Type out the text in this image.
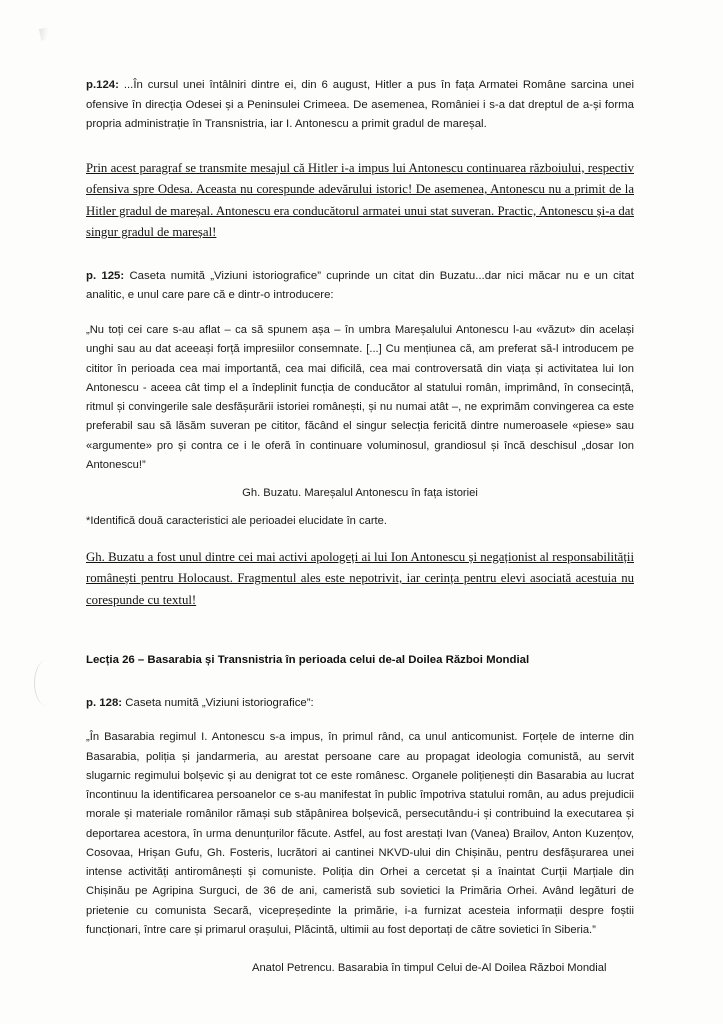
p.124: ...În cursul unei întâlniri dintre ei, din 6 august, Hitler a pus în fața Armatei Române sarcina unei ofensive în direcția Odesei și a Peninsulei Crimeea. De asemenea, României i s-a dat dreptul de a-și forma propria administrație în Transnistria, iar I. Antonescu a primit gradul de mareșal.

Prin acest paragraf se transmite mesajul că Hitler i-a impus lui Antonescu continuarea războiului, respectiv ofensiva spre Odesa. Aceasta nu corespunde adevărului istoric! De asemenea, Antonescu nu a primit de la Hitler gradul de mareșal. Antonescu era conducătorul armatei unui stat suveran. Practic, Antonescu și-a dat singur gradul de mareșal!

p. 125: Caseta numită „Viziuni istoriografice” cuprinde un citat din Buzatu...dar nici măcar nu e un citat analitic, e unul care pare că e dintr-o introducere:

„Nu toți cei care s-au aflat – ca să spunem așa – în umbra Mareșalului Antonescu l-au «văzut» din același unghi sau au dat aceeași forță impresiilor consemnate. [...] Cu mențiunea că, am preferat să-l introducem pe cititor în perioada cea mai importantă, cea mai dificilă, cea mai controversată din viața și activitatea lui Ion Antonescu - aceea cât timp el a îndeplinit funcția de conducător al statului român, imprimând, în consecință, ritmul și convingerile sale desfășurării istoriei românești, și nu numai atât –, ne exprimăm convingerea ca este preferabil sau să lăsăm suveran pe cititor, făcând el singur selecția fericită dintre numeroasele «piese» sau «argumente» pro și contra ce i le oferă în continuare voluminosul, grandiosul și încă deschisul „dosar Ion Antonescu!”

Gh. Buzatu. Mareșalul Antonescu în fața istoriei

*Identifică două caracteristici ale perioadei elucidate în carte.

Gh. Buzatu a fost unul dintre cei mai activi apologeți ai lui Ion Antonescu și negaționist al responsabilității românești pentru Holocaust. Fragmentul ales este nepotrivit, iar cerința pentru elevi asociată acestuia nu corespunde cu textul!

Lecția 26 – Basarabia și Transnistria în perioada celui de-al Doilea Război Mondial

p. 128: Caseta numită „Viziuni istoriografice”:

„În Basarabia regimul I. Antonescu s-a impus, în primul rând, ca unul anticomunist. Forțele de interne din Basarabia, poliția și jandarmeria, au arestat persoane care au propagat ideologia comunistă, au servit slugarnic regimului bolșevic și au denigrat tot ce este românesc. Organele polițienești din Basarabia au lucrat încontinuu la identificarea persoanelor ce s-au manifestat în public împotriva statului român, au adus prejudicii morale și materiale românilor rămași sub stăpânirea bolșevică, persecutându-i și contribuind la executarea și deportarea acestora, în urma denunțurilor făcute. Astfel, au fost arestați Ivan (Vanea) Brailov, Anton Kuzențov, Cosovaa, Hrișan Gufu, Gh. Fosteris, lucrători ai cantinei NKVD-ului din Chișinău, pentru desfășurarea unei intense activități antiromânești și comuniste. Poliția din Orhei a cercetat și a înaintat Curții Marțiale din Chișinău pe Agripina Surguci, de 36 de ani, cameristă sub sovietici la Primăria Orhei. Având legături de prietenie cu comunista Secară, vicepreședinte la primărie, i-a furnizat acesteia informații despre foștii funcționari, între care și primarul orașului, Plăcintă, ultimii au fost deportați de către sovietici în Siberia.”

Anatol Petrencu. Basarabia în timpul Celui de-Al Doilea Război Mondial
